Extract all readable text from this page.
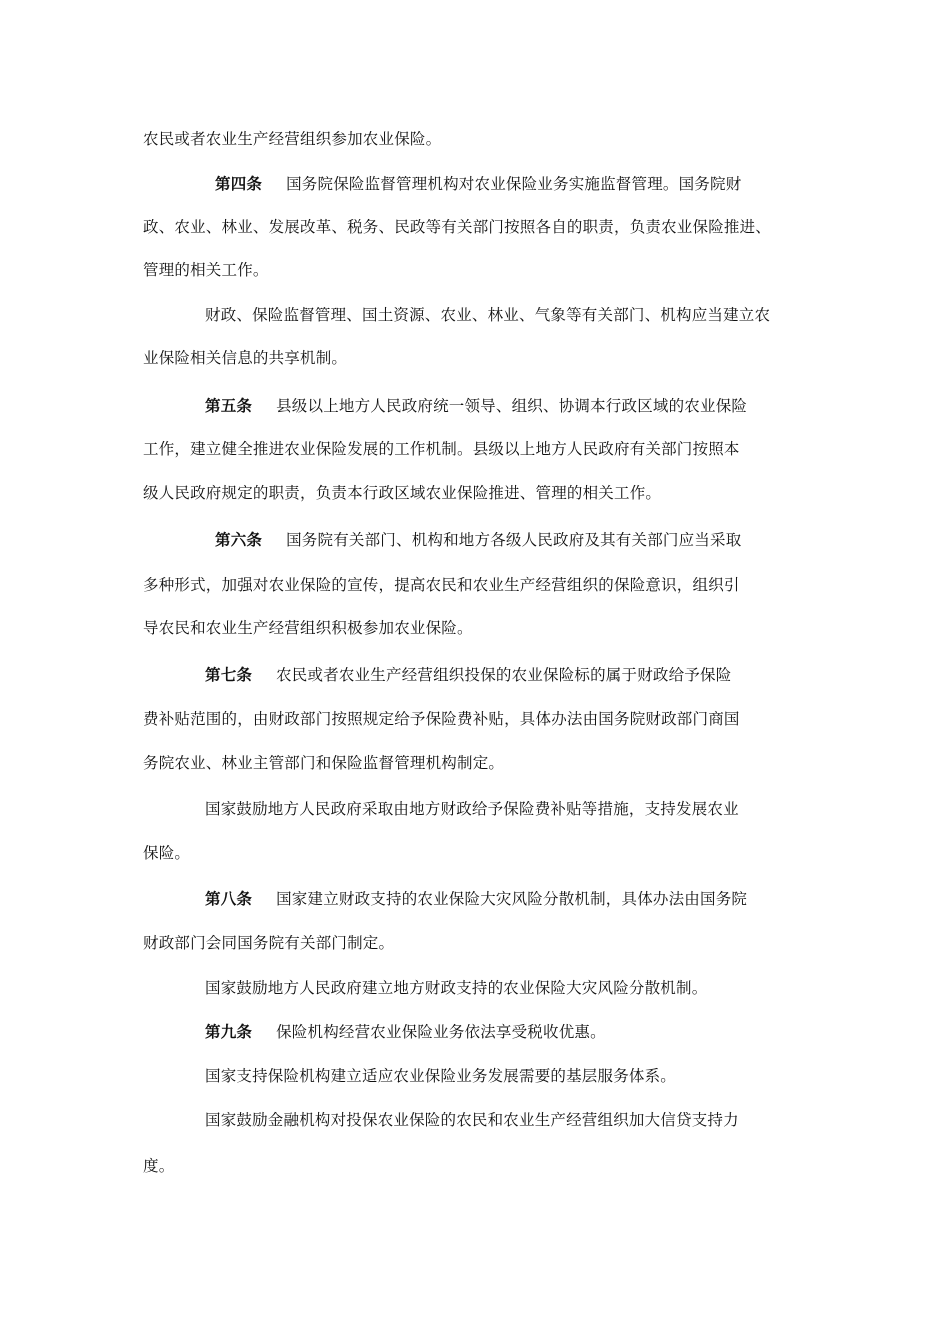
农民或者农业生产经营组织参加农业保险。
第四条 国务院保险监督管理机构对农业保险业务实施监督管理。国务院财
政、农业、林业、发展改革、税务、民政等有关部门按照各自的职责，负责农业保险推进、
管理的相关工作。
财政、保险监督管理、国土资源、农业、林业、气象等有关部门、机构应当建立农
业保险相关信息的共享机制。
第五条 县级以上地方人民政府统一领导、组织、协调本行政区域的农业保险
工作，建立健全推进农业保险发展的工作机制。县级以上地方人民政府有关部门按照本
级人民政府规定的职责，负责本行政区域农业保险推进、管理的相关工作。
第六条 国务院有关部门、机构和地方各级人民政府及其有关部门应当采取
多种形式，加强对农业保险的宣传，提高农民和农业生产经营组织的保险意识，组织引
导农民和农业生产经营组织积极参加农业保险。
第七条 农民或者农业生产经营组织投保的农业保险标的属于财政给予保险
费补贴范围的，由财政部门按照规定给予保险费补贴，具体办法由国务院财政部门商国
务院农业、林业主管部门和保险监督管理机构制定。
国家鼓励地方人民政府采取由地方财政给予保险费补贴等措施，支持发展农业
保险。
第八条 国家建立财政支持的农业保险大灾风险分散机制，具体办法由国务院
财政部门会同国务院有关部门制定。
国家鼓励地方人民政府建立地方财政支持的农业保险大灾风险分散机制。
第九条 保险机构经营农业保险业务依法享受税收优惠。
国家支持保险机构建立适应农业保险业务发展需要的基层服务体系。
国家鼓励金融机构对投保农业保险的农民和农业生产经营组织加大信贷支持力
度。
